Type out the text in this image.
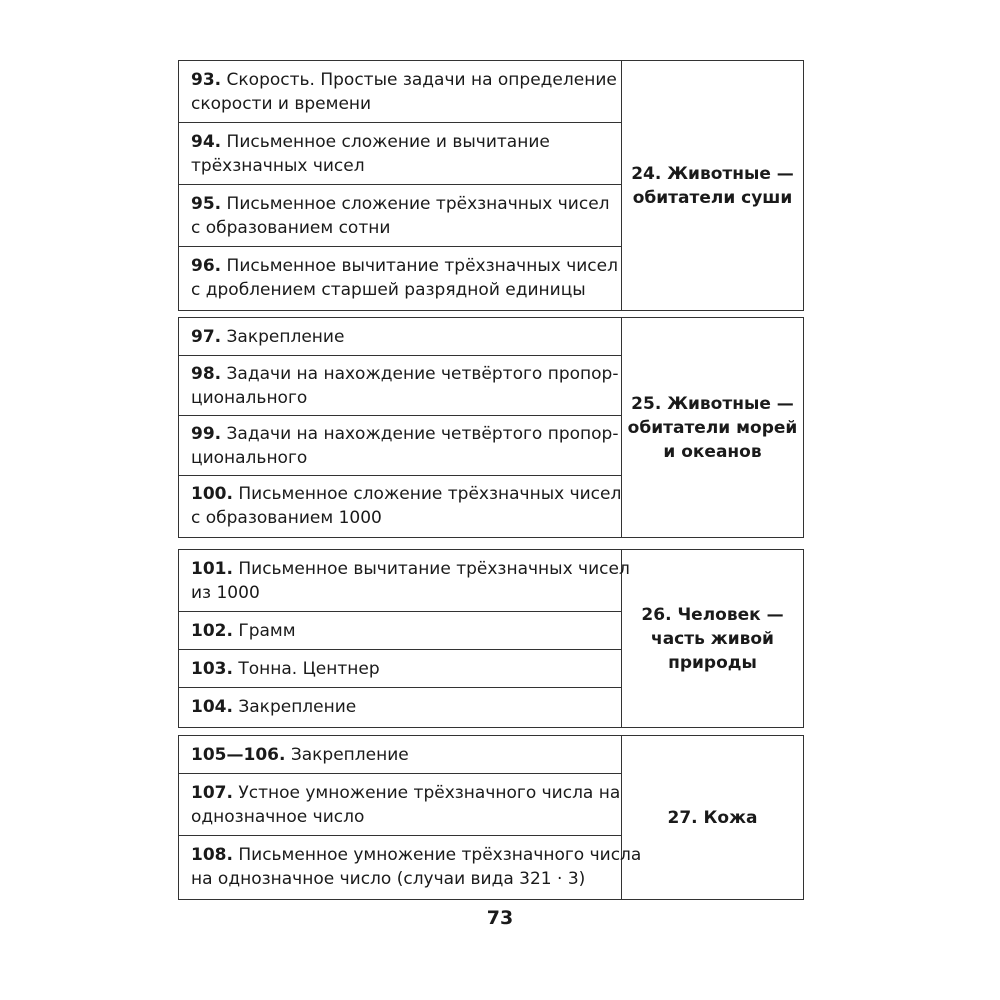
93. Скорость. Простые задачи на определение
скорости и времени
94. Письменное сложение и вычитание
трёхзначных чисел
95. Письменное сложение трёхзначных чисел
с образованием сотни
96. Письменное вычитание трёхзначных чисел
с дроблением старшей разрядной единицы
24. Животные —
обитатели суши
97. Закрепление
98. Задачи на нахождение четвёртого пропор-
ционального
99. Задачи на нахождение четвёртого пропор-
ционального
100. Письменное сложение трёхзначных чисел
с образованием 1000
25. Животные —
обитатели морей
и океанов
101. Письменное вычитание трёхзначных чисел
из 1000
102. Грамм
103. Тонна. Центнер
104. Закрепление
26. Человек —
часть живой
природы
105—106. Закрепление
107. Устное умножение трёхзначного числа на
однозначное число
108. Письменное умножение трёхзначного числа
на однозначное число (случаи вида 321 · 3)
27. Кожа
73
